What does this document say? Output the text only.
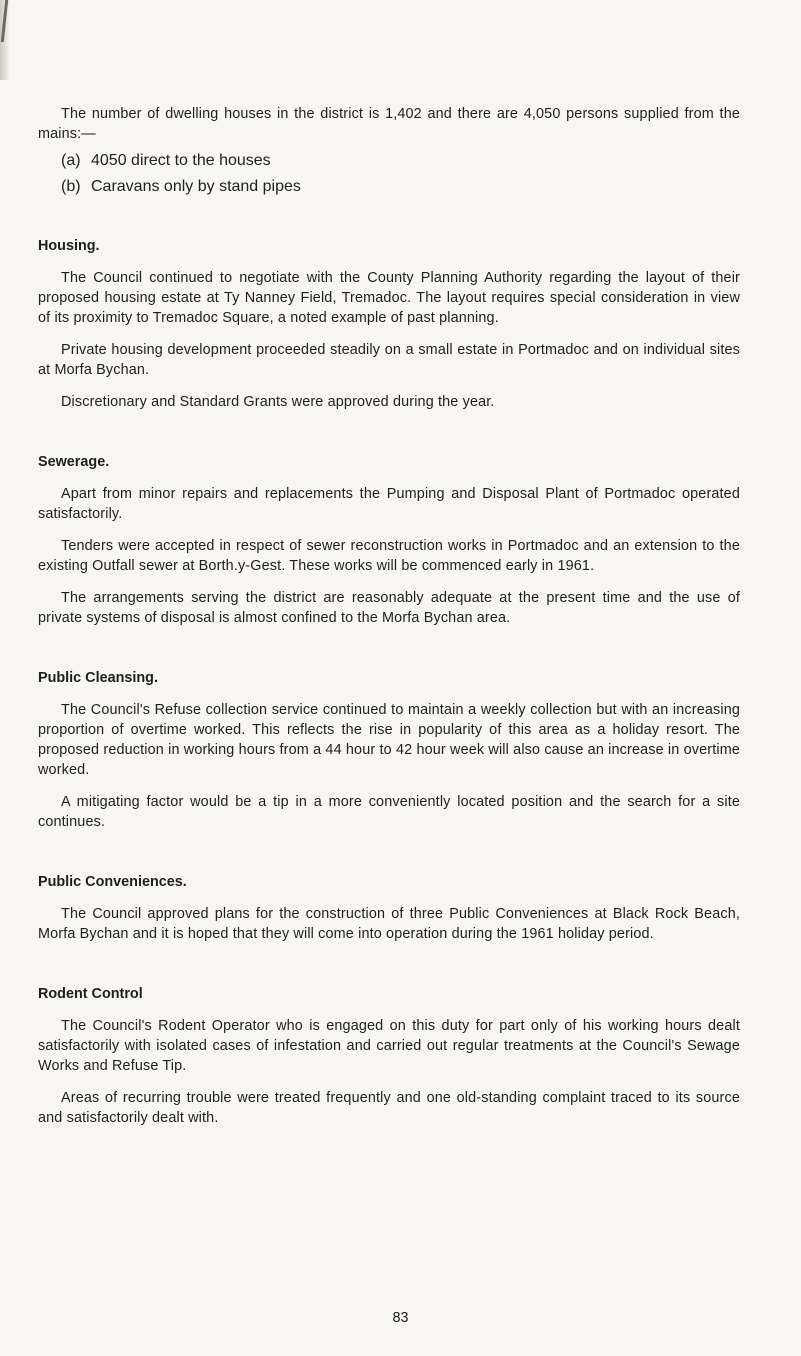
The number of dwelling houses in the district is 1,402 and there are 4,050 persons supplied from the mains:—

(a) 4050 direct to the houses
(b) Caravans only by stand pipes
Housing.

The Council continued to negotiate with the County Planning Authority regarding the layout of their proposed housing estate at Ty Nanney Field, Tremadoc. The layout requires special consideration in view of its proximity to Tremadoc Square, a noted example of past planning.

Private housing development proceeded steadily on a small estate in Portmadoc and on individual sites at Morfa Bychan.

Discretionary and Standard Grants were approved during the year.

Sewerage.

Apart from minor repairs and replacements the Pumping and Disposal Plant of Portmadoc operated satisfactorily.

Tenders were accepted in respect of sewer reconstruction works in Portmadoc and an extension to the existing Outfall sewer at Borth.y-Gest. These works will be commenced early in 1961.

The arrangements serving the district are reasonably adequate at the present time and the use of private systems of disposal is almost confined to the Morfa Bychan area.

Public Cleansing.

The Council's Refuse collection service continued to maintain a weekly collection but with an increasing proportion of overtime worked. This reflects the rise in popularity of this area as a holiday resort. The proposed reduction in working hours from a 44 hour to 42 hour week will also cause an increase in overtime worked.

A mitigating factor would be a tip in a more conveniently located position and the search for a site continues.

Public Conveniences.

The Council approved plans for the construction of three Public Conveniences at Black Rock Beach, Morfa Bychan and it is hoped that they will come into operation during the 1961 holiday period.

Rodent Control

The Council's Rodent Operator who is engaged on this duty for part only of his working hours dealt satisfactorily with isolated cases of infestation and carried out regular treatments at the Council's Sewage Works and Refuse Tip.

Areas of recurring trouble were treated frequently and one old-standing complaint traced to its source and satisfactorily dealt with.

83
